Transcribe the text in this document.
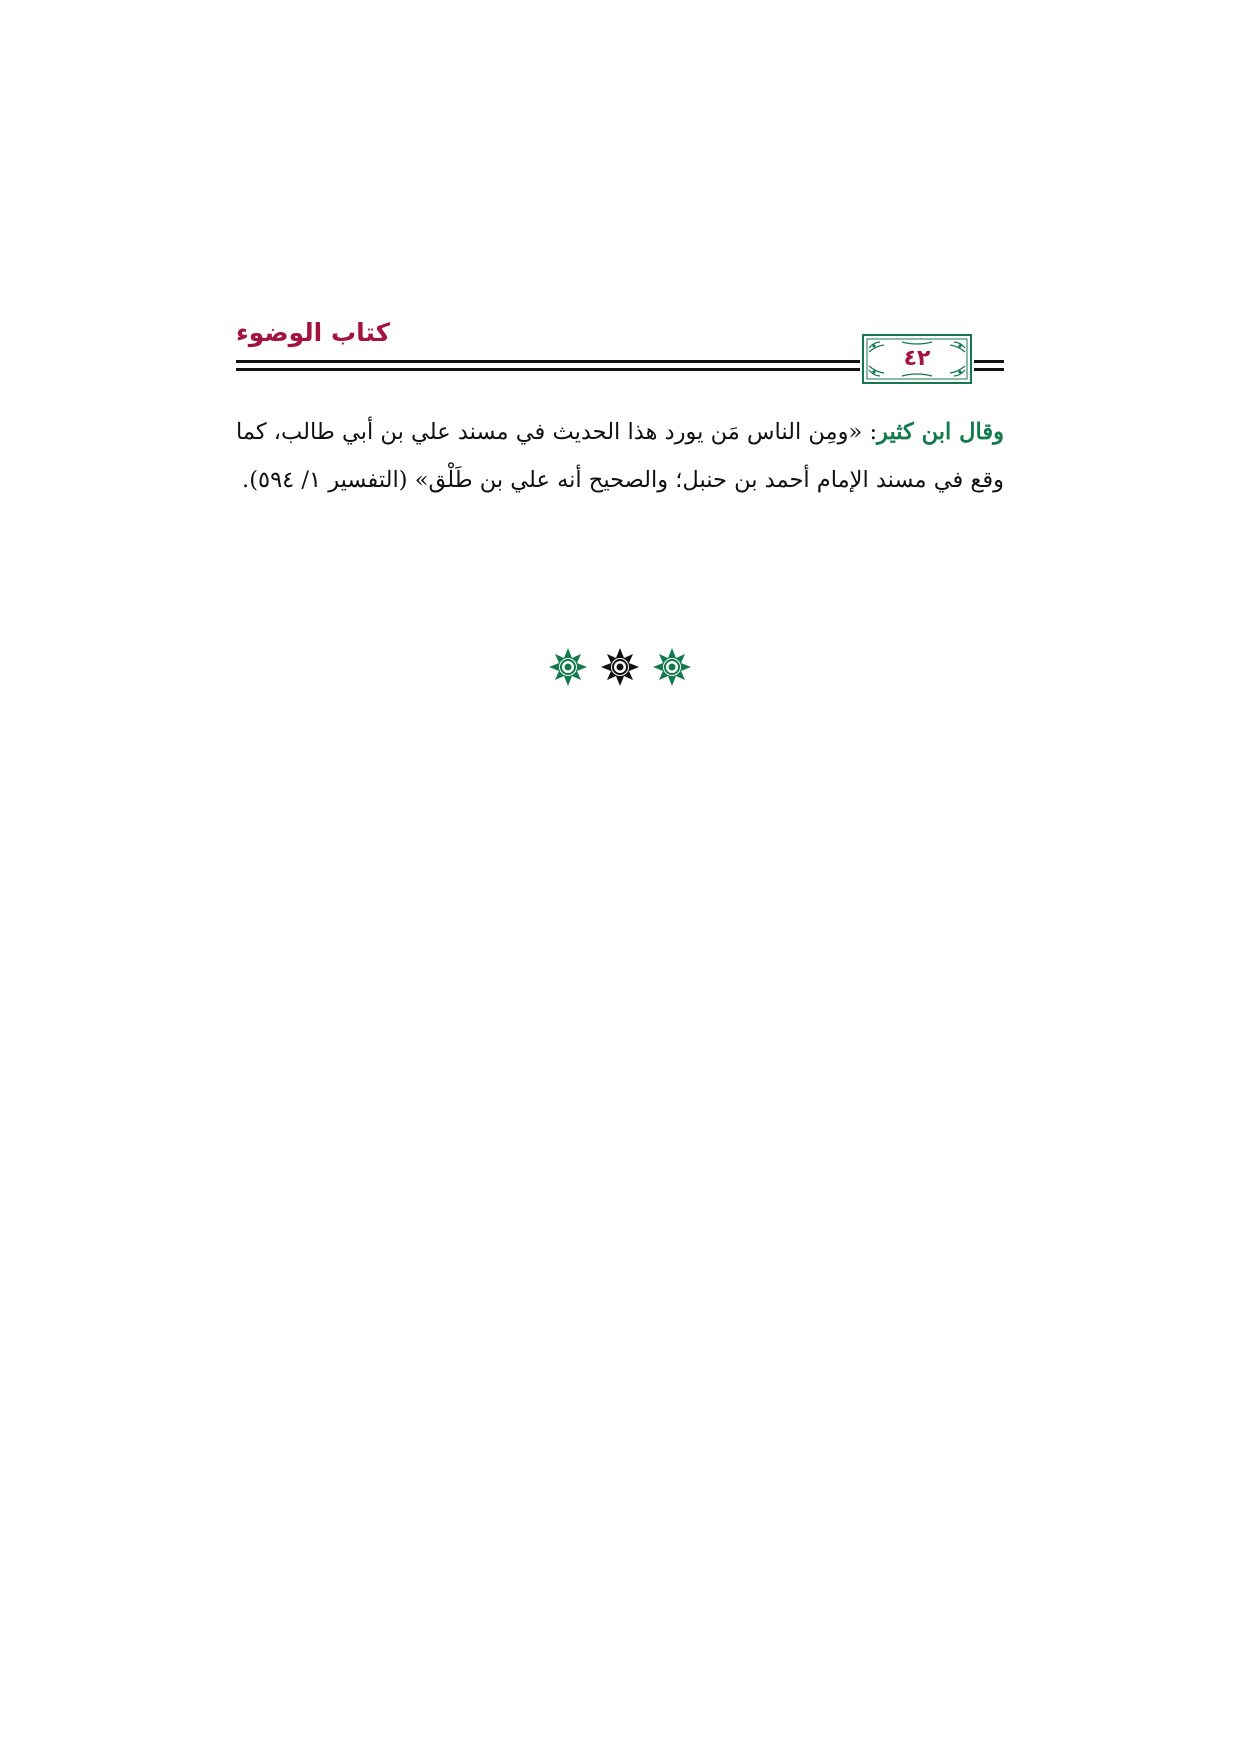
كتاب الوضوء
٤٢

وقال ابن كثير: «ومِن الناس مَن يورد هذا الحديث في مسند علي بن أبي طالب، كما وقع في مسند الإمام أحمد بن حنبل؛ والصحيح أنه علي بن طَلْق» (التفسير ١/ ٥٩٤).
